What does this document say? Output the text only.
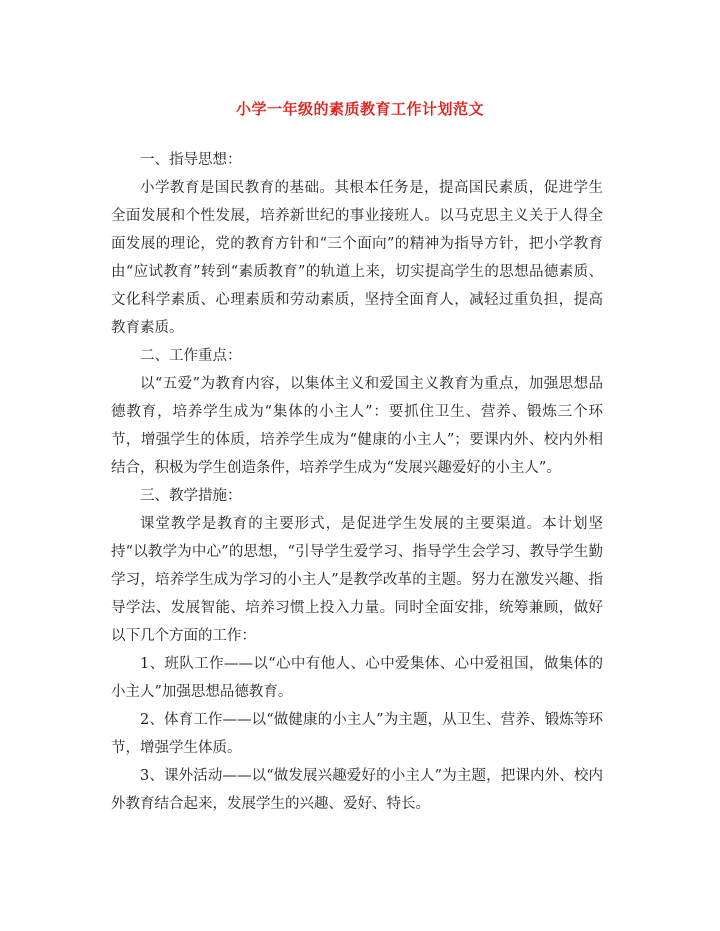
小学一年级的素质教育工作计划范文

一、指导思想：

小学教育是国民教育的基础。其根本任务是，提高国民素质，促进学生全面发展和个性发展，培养新世纪的事业接班人。以马克思主义关于人得全面发展的理论，党的教育方针和“三个面向”的精神为指导方针，把小学教育由“应试教育”转到“素质教育”的轨道上来，切实提高学生的思想品德素质、文化科学素质、心理素质和劳动素质，坚持全面育人，减轻过重负担，提高教育素质。

二、工作重点：

以“五爱”为教育内容，以集体主义和爱国主义教育为重点，加强思想品德教育，培养学生成为“集体的小主人”：要抓住卫生、营养、锻炼三个环节，增强学生的体质，培养学生成为“健康的小主人”；要课内外、校内外相结合，积极为学生创造条件，培养学生成为“发展兴趣爱好的小主人”。

三、教学措施：

课堂教学是教育的主要形式，是促进学生发展的主要渠道。本计划坚持“以教学为中心”的思想，“引导学生爱学习、指导学生会学习、教导学生勤学习，培养学生成为学习的小主人”是教学改革的主题。努力在激发兴趣、指导学法、发展智能、培养习惯上投入力量。同时全面安排，统筹兼顾，做好以下几个方面的工作：

1、班队工作——以“心中有他人、心中爱集体、心中爱祖国，做集体的小主人”加强思想品德教育。

2、体育工作——以“做健康的小主人”为主题，从卫生、营养、锻炼等环节，增强学生体质。

3、课外活动——以“做发展兴趣爱好的小主人”为主题，把课内外、校内外教育结合起来，发展学生的兴趣、爱好、特长。
